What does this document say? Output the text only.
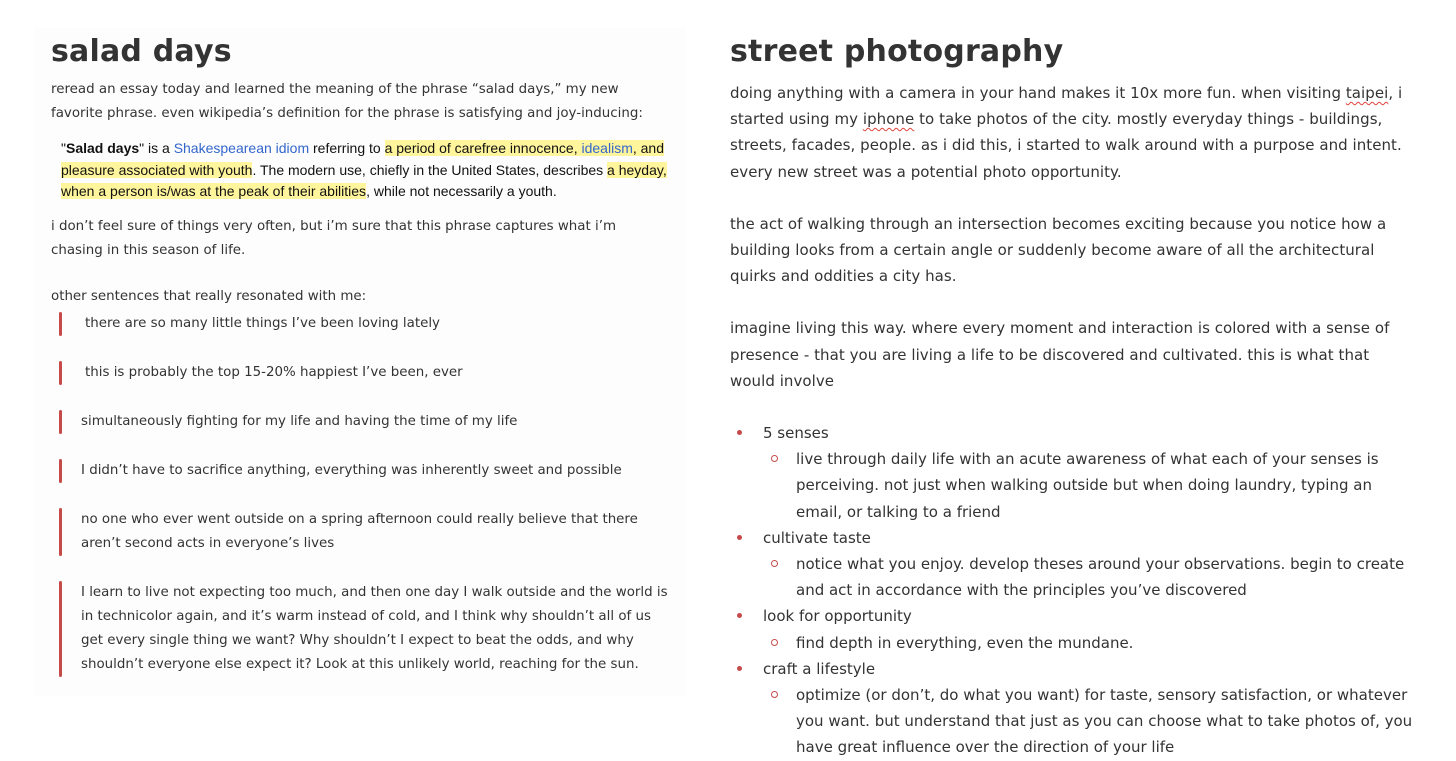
salad days

reread an essay today and learned the meaning of the phrase “salad days,” my new favorite phrase. even wikipedia’s definition for the phrase is satisfying and joy-inducing:

"Salad days" is a Shakespearean idiom referring to a period of carefree innocence, idealism, and pleasure associated with youth. The modern use, chiefly in the United States, describes a heyday, when a person is/was at the peak of their abilities, while not necessarily a youth.

i don’t feel sure of things very often, but i’m sure that this phrase captures what i’m chasing in this season of life.

other sentences that really resonated with me:

there are so many little things I’ve been loving lately
this is probably the top 15-20% happiest I’ve been, ever
simultaneously fighting for my life and having the time of my life
I didn’t have to sacrifice anything, everything was inherently sweet and possible
no one who ever went outside on a spring afternoon could really believe that there aren’t second acts in everyone’s lives
I learn to live not expecting too much, and then one day I walk outside and the world is in technicolor again, and it’s warm instead of cold, and I think why shouldn’t all of us get every single thing we want? Why shouldn’t I expect to beat the odds, and why shouldn’t everyone else expect it? Look at this unlikely world, reaching for the sun.
street photography

doing anything with a camera in your hand makes it 10x more fun. when visiting taipei, i started using my iphone to take photos of the city. mostly everyday things - buildings, streets, facades, people. as i did this, i started to walk around with a purpose and intent. every new street was a potential photo opportunity.

the act of walking through an intersection becomes exciting because you notice how a building looks from a certain angle or suddenly become aware of all the architectural quirks and oddities a city has.

imagine living this way. where every moment and interaction is colored with a sense of presence - that you are living a life to be discovered and cultivated. this is what that would involve

5 senses
live through daily life with an acute awareness of what each of your senses is perceiving. not just when walking outside but when doing laundry, typing an email, or talking to a friend
cultivate taste
notice what you enjoy. develop theses around your observations. begin to create and act in accordance with the principles you’ve discovered
look for opportunity
find depth in everything, even the mundane.
craft a lifestyle
optimize (or don’t, do what you want) for taste, sensory satisfaction, or whatever you want. but understand that just as you can choose what to take photos of, you have great influence over the direction of your life
